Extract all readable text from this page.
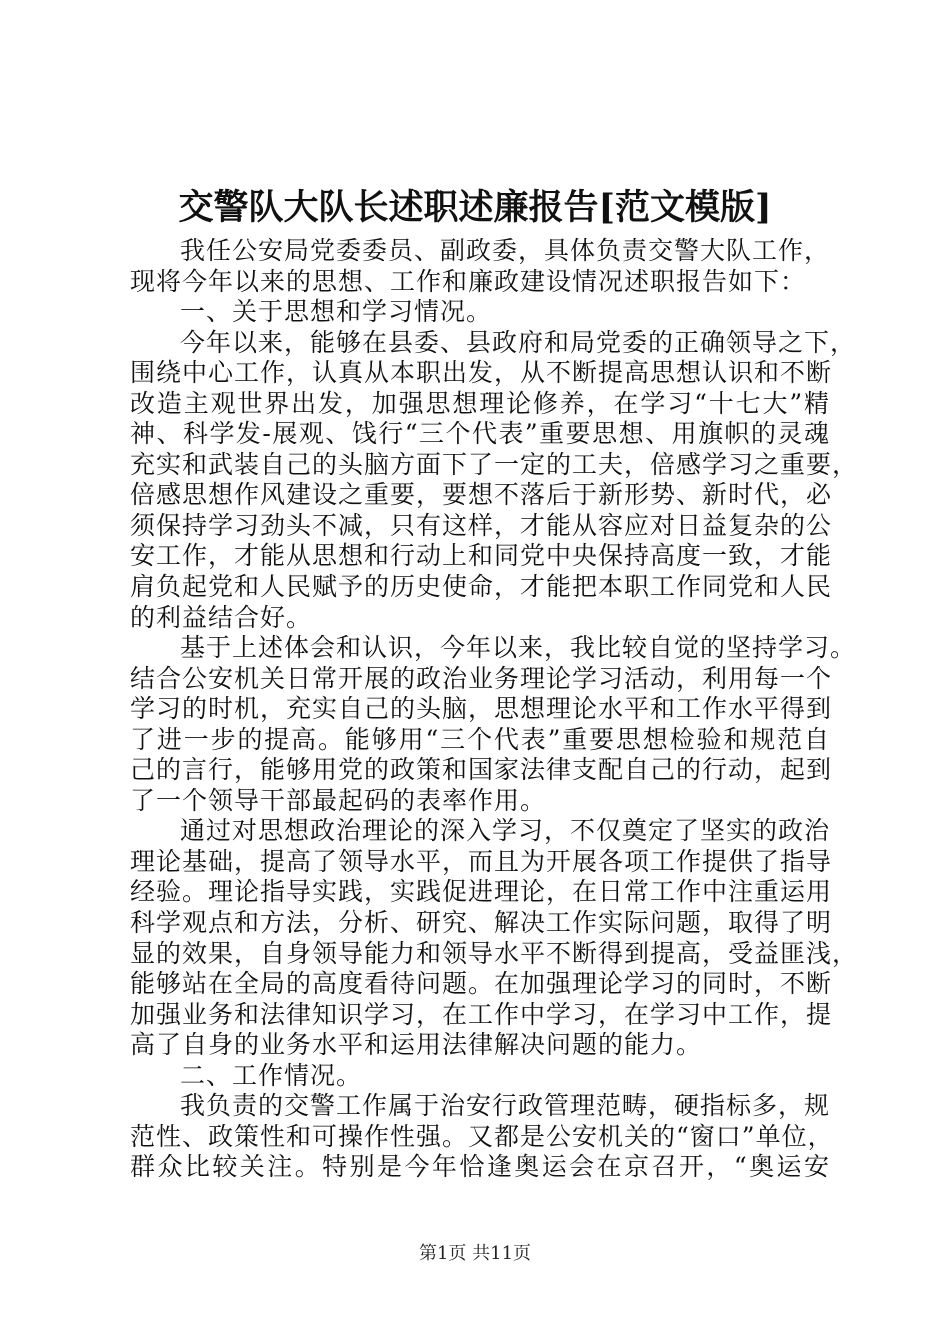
交警队大队长述职述廉报告[范文模版]
我任公安局党委委员、副政委，具体负责交警大队工作，
现将今年以来的思想、工作和廉政建设情况述职报告如下：
一、关于思想和学习情况。
今年以来，能够在县委、县政府和局党委的正确领导之下，
围绕中心工作，认真从本职出发，从不断提高思想认识和不断
改造主观世界出发，加强思想理论修养，在学习“十七大”精
神、科学发-展观、饯行“三个代表”重要思想、用旗帜的灵魂
充实和武装自己的头脑方面下了一定的工夫，倍感学习之重要，
倍感思想作风建设之重要，要想不落后于新形势、新时代，必
须保持学习劲头不减，只有这样，才能从容应对日益复杂的公
安工作，才能从思想和行动上和同党中央保持高度一致，才能
肩负起党和人民赋予的历史使命，才能把本职工作同党和人民
的利益结合好。
基于上述体会和认识，今年以来，我比较自觉的坚持学习。
结合公安机关日常开展的政治业务理论学习活动，利用每一个
学习的时机，充实自己的头脑，思想理论水平和工作水平得到
了进一步的提高。能够用“三个代表”重要思想检验和规范自
己的言行，能够用党的政策和国家法律支配自己的行动，起到
了一个领导干部最起码的表率作用。
通过对思想政治理论的深入学习，不仅奠定了坚实的政治
理论基础，提高了领导水平，而且为开展各项工作提供了指导
经验。理论指导实践，实践促进理论，在日常工作中注重运用
科学观点和方法，分析、研究、解决工作实际问题，取得了明
显的效果，自身领导能力和领导水平不断得到提高，受益匪浅，
能够站在全局的高度看待问题。在加强理论学习的同时，不断
加强业务和法律知识学习，在工作中学习，在学习中工作，提
高了自身的业务水平和运用法律解决问题的能力。
二、工作情况。
我负责的交警工作属于治安行政管理范畴，硬指标多，规
范性、政策性和可操作性强。又都是公安机关的“窗口”单位，
群众比较关注。特别是今年恰逢奥运会在京召开，“奥运安
第1页 共11页
